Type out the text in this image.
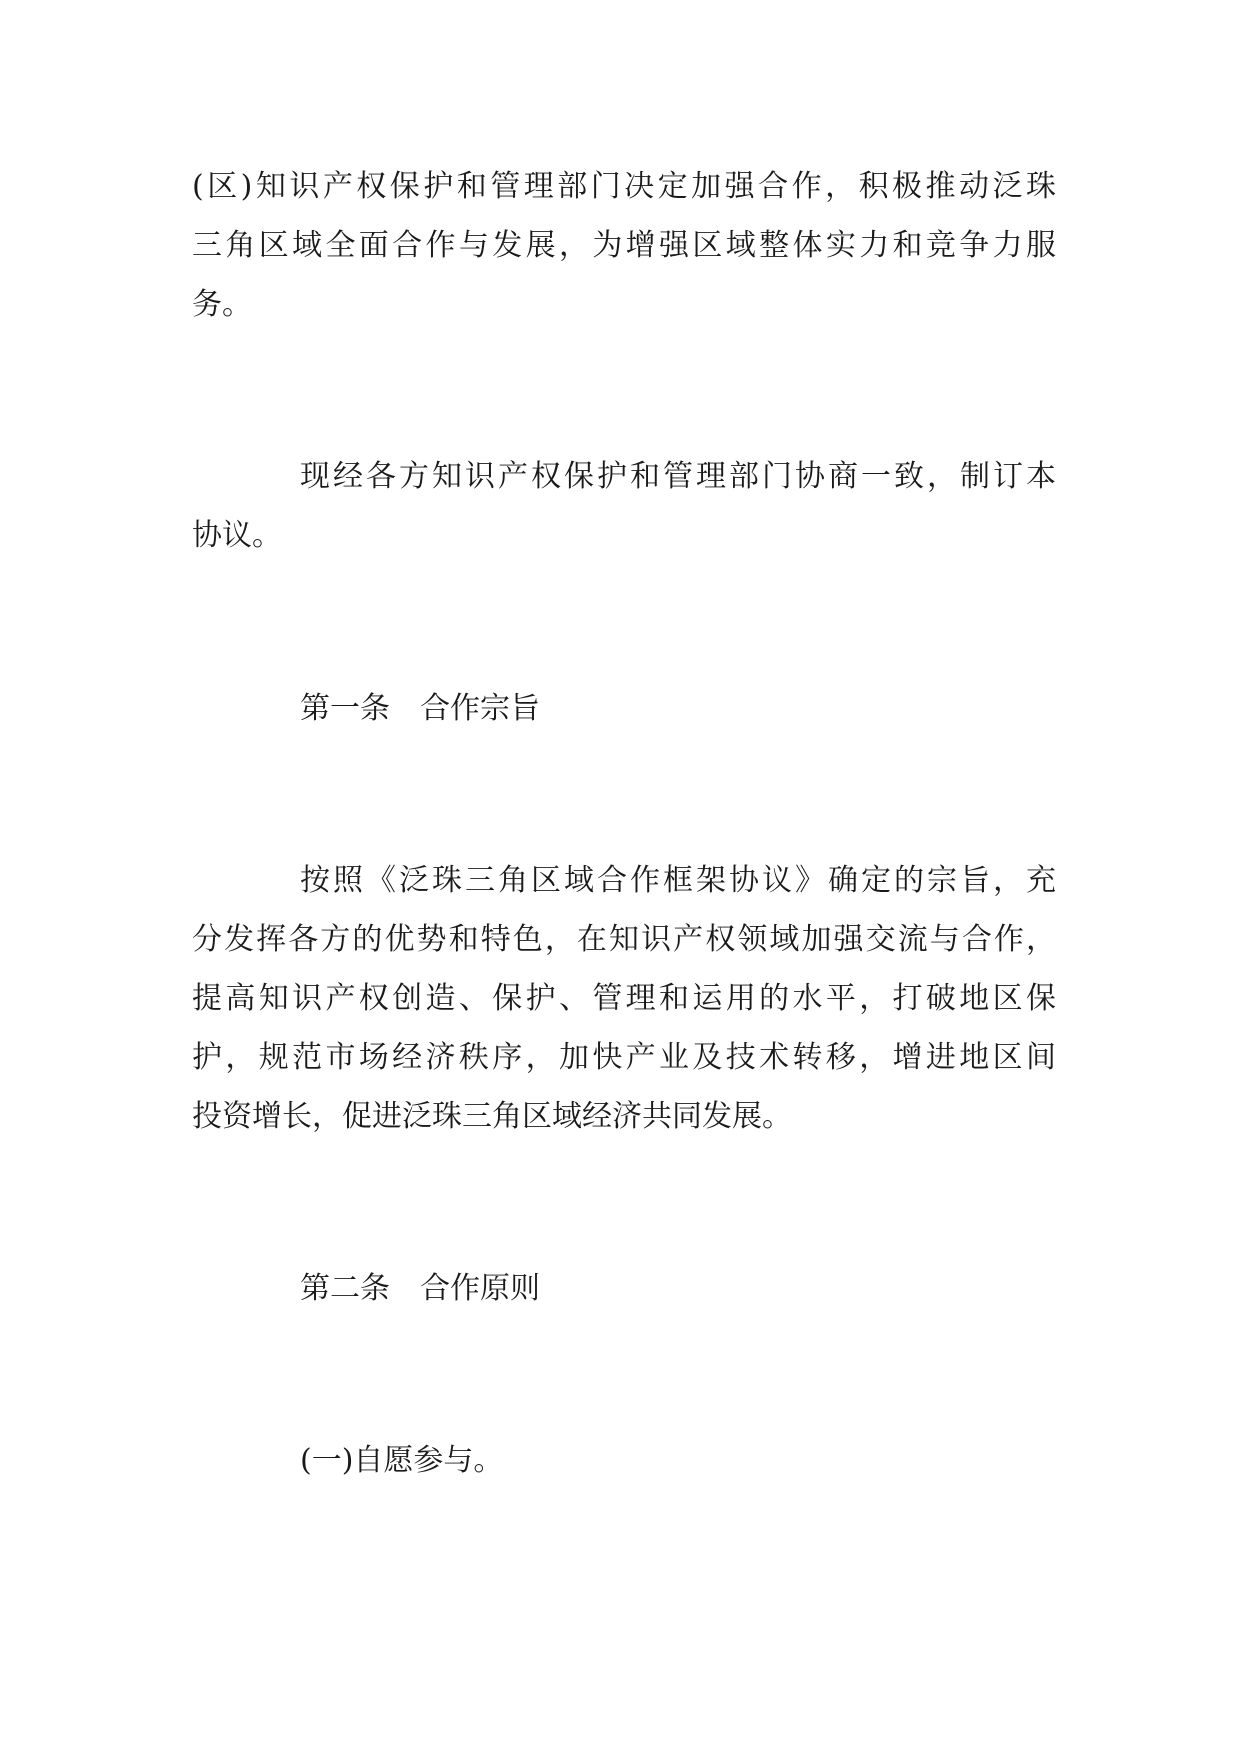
(区)知识产权保护和管理部门决定加强合作，积极推动泛珠
三角区域全面合作与发展，为增强区域整体实力和竞争力服
务。
现经各方知识产权保护和管理部门协商一致，制订本
协议。
第一条　合作宗旨
按照《泛珠三角区域合作框架协议》确定的宗旨，充
分发挥各方的优势和特色，在知识产权领域加强交流与合作，
提高知识产权创造、保护、管理和运用的水平，打破地区保
护，规范市场经济秩序，加快产业及技术转移，增进地区间
投资增长，促进泛珠三角区域经济共同发展。
第二条　合作原则
(一)自愿参与。
